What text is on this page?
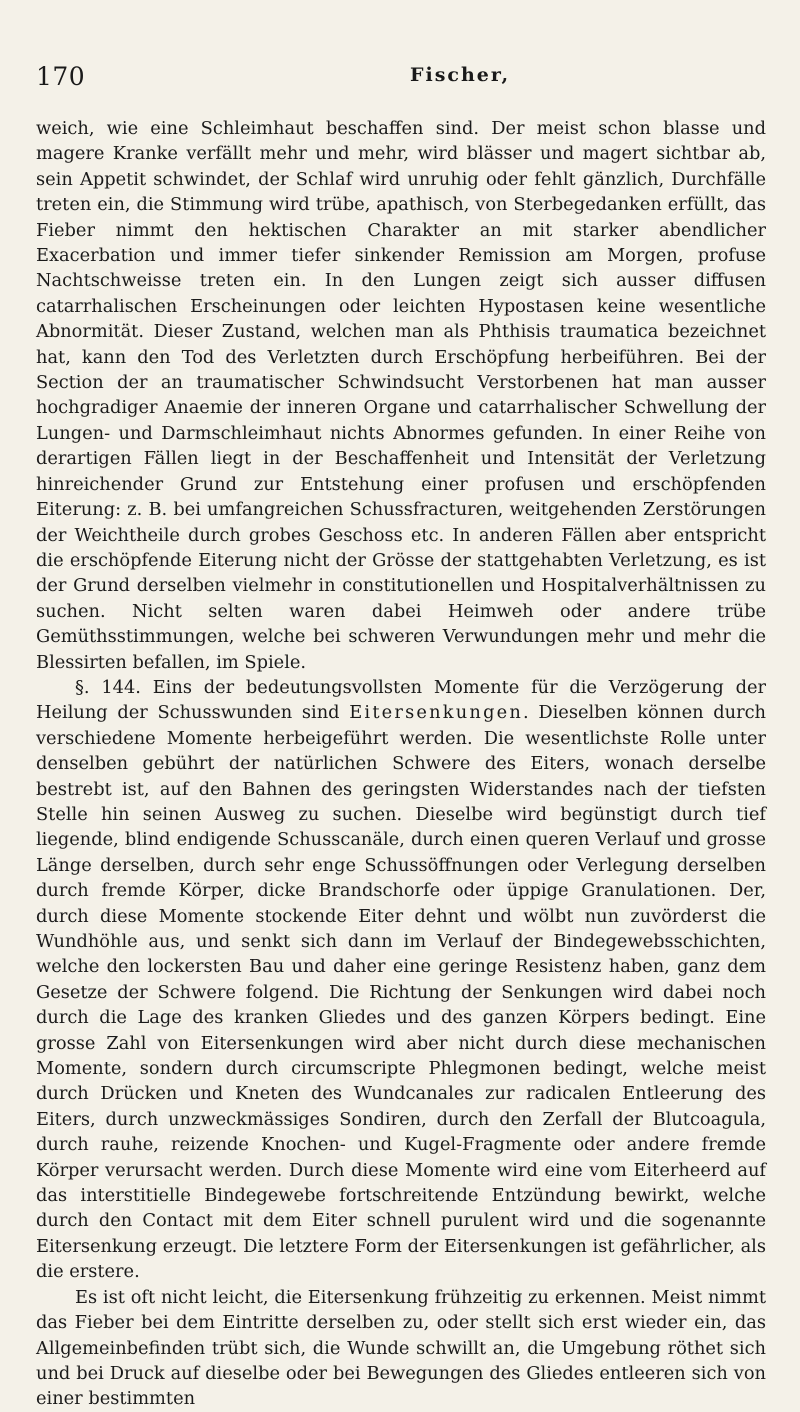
170	Fischer,

weich, wie eine Schleimhaut beschaffen sind. Der meist schon blasse und magere Kranke verfällt mehr und mehr, wird blässer und magert sichtbar ab, sein Appetit schwindet, der Schlaf wird unruhig oder fehlt gänzlich, Durchfälle treten ein, die Stimmung wird trübe, apathisch, von Sterbegedanken erfüllt, das Fieber nimmt den hektischen Charakter an mit starker abendlicher Exacerbation und immer tiefer sinkender Remission am Morgen, profuse Nachtschweisse treten ein. In den Lungen zeigt sich ausser diffusen catarrhalischen Erscheinungen oder leichten Hypostasen keine wesentliche Abnormität. Dieser Zustand, welchen man als Phthisis traumatica bezeichnet hat, kann den Tod des Verletzten durch Erschöpfung herbeiführen. Bei der Section der an traumatischer Schwindsucht Verstorbenen hat man ausser hochgradiger Anaemie der inneren Organe und catarrhalischer Schwellung der Lungen- und Darmschleimhaut nichts Abnormes gefunden. In einer Reihe von derartigen Fällen liegt in der Beschaffenheit und Intensität der Verletzung hinreichender Grund zur Entstehung einer profusen und erschöpfenden Eiterung: z. B. bei umfangreichen Schussfracturen, weitgehenden Zerstörungen der Weichtheile durch grobes Geschoss etc. In anderen Fällen aber entspricht die erschöpfende Eiterung nicht der Grösse der stattgehabten Verletzung, es ist der Grund derselben vielmehr in constitutionellen und Hospitalverhältnissen zu suchen. Nicht selten waren dabei Heimweh oder andere trübe Gemüthsstimmungen, welche bei schweren Verwundungen mehr und mehr die Blessirten befallen, im Spiele.

§. 144. Eins der bedeutungsvollsten Momente für die Verzögerung der Heilung der Schusswunden sind Eitersenkungen. Dieselben können durch verschiedene Momente herbeigeführt werden. Die wesentlichste Rolle unter denselben gebührt der natürlichen Schwere des Eiters, wonach derselbe bestrebt ist, auf den Bahnen des geringsten Widerstandes nach der tiefsten Stelle hin seinen Ausweg zu suchen. Dieselbe wird begünstigt durch tief liegende, blind endigende Schusscanäle, durch einen queren Verlauf und grosse Länge derselben, durch sehr enge Schussöffnungen oder Verlegung derselben durch fremde Körper, dicke Brandschorfe oder üppige Granulationen. Der, durch diese Momente stockende Eiter dehnt und wölbt nun zuvörderst die Wundhöhle aus, und senkt sich dann im Verlauf der Bindegewebsschichten, welche den lockersten Bau und daher eine geringe Resistenz haben, ganz dem Gesetze der Schwere folgend. Die Richtung der Senkungen wird dabei noch durch die Lage des kranken Gliedes und des ganzen Körpers bedingt. Eine grosse Zahl von Eitersenkungen wird aber nicht durch diese mechanischen Momente, sondern durch circumscripte Phlegmonen bedingt, welche meist durch Drücken und Kneten des Wundcanales zur radicalen Entleerung des Eiters, durch unzweckmässiges Sondiren, durch den Zerfall der Blutcoagula, durch rauhe, reizende Knochen- und Kugel-Fragmente oder andere fremde Körper verursacht werden. Durch diese Momente wird eine vom Eiterheerd auf das interstitielle Bindegewebe fortschreitende Entzündung bewirkt, welche durch den Contact mit dem Eiter schnell purulent wird und die sogenannte Eitersenkung erzeugt. Die letztere Form der Eitersenkungen ist gefährlicher, als die erstere.

Es ist oft nicht leicht, die Eitersenkung frühzeitig zu erkennen. Meist nimmt das Fieber bei dem Eintritte derselben zu, oder stellt sich erst wieder ein, das Allgemeinbefinden trübt sich, die Wunde schwillt an, die Umgebung röthet sich und bei Druck auf dieselbe oder bei Bewegungen des Gliedes entleeren sich von einer bestimmten
